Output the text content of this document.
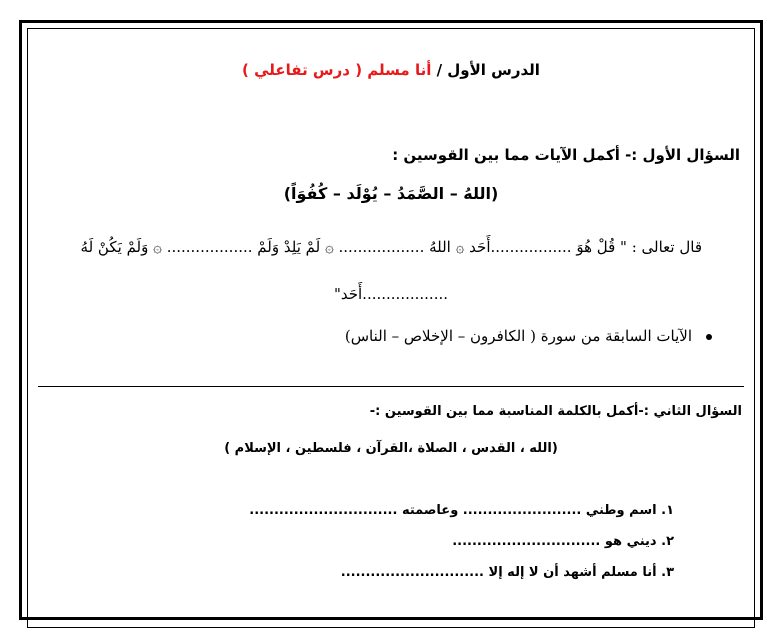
الدرس الأول / أنا مسلم ( درس تفاعلي )
السؤال الأول :- أكمل الآيات مما بين القوسين :
(اللهُ – الصَّمَدُ – يُوْلَد – كُفُوَاً)
قال تعالى : " قُلْ هُوَ .................أَحَد ۞ اللهُ .................. ۞ لَمْ يَلِدْ وَلَمْ .................. ۞ وَلَمْ يَكُنْ لَهُ
..................أَحَد"
الآيات السابقة من سورة ( الكافرون – الإخلاص – الناس)
السؤال الثاني :-أكمل بالكلمة المناسبة مما بين القوسين :-
(الله ، القدس ، الصلاة ،القرآن ، فلسطين ، الإسلام )
١. اسم وطني ........................ وعاصمته ..............................
٢. ديني هو ..............................
٣. أنا مسلم أشهد أن لا إله إلا .............................
